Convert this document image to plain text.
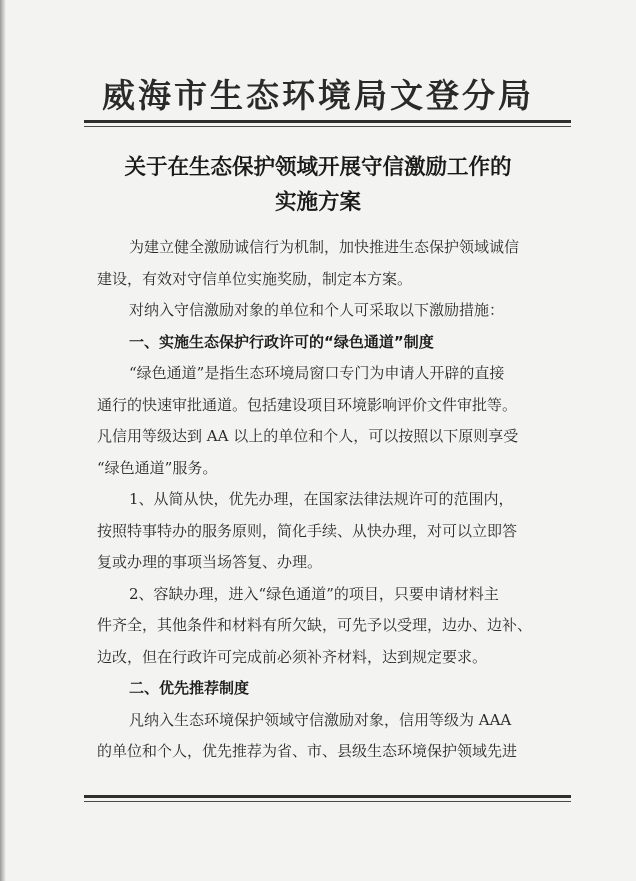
威海市生态环境局文登分局
关于在生态保护领域开展守信激励工作的
实施方案
为建立健全激励诚信行为机制，加快推进生态保护领域诚信
建设，有效对守信单位实施奖励，制定本方案。
对纳入守信激励对象的单位和个人可采取以下激励措施：
一、实施生态保护行政许可的“绿色通道”制度
“绿色通道”是指生态环境局窗口专门为申请人开辟的直接
通行的快速审批通道。包括建设项目环境影响评价文件审批等。
凡信用等级达到 AA 以上的单位和个人，可以按照以下原则享受
“绿色通道”服务。
1、从简从快，优先办理，在国家法律法规许可的范围内，
按照特事特办的服务原则，简化手续、从快办理，对可以立即答
复或办理的事项当场答复、办理。
2、容缺办理，进入“绿色通道”的项目，只要申请材料主
件齐全，其他条件和材料有所欠缺，可先予以受理，边办、边补、
边改，但在行政许可完成前必须补齐材料，达到规定要求。
二、优先推荐制度
凡纳入生态环境保护领域守信激励对象，信用等级为 AAA
的单位和个人，优先推荐为省、市、县级生态环境保护领域先进
